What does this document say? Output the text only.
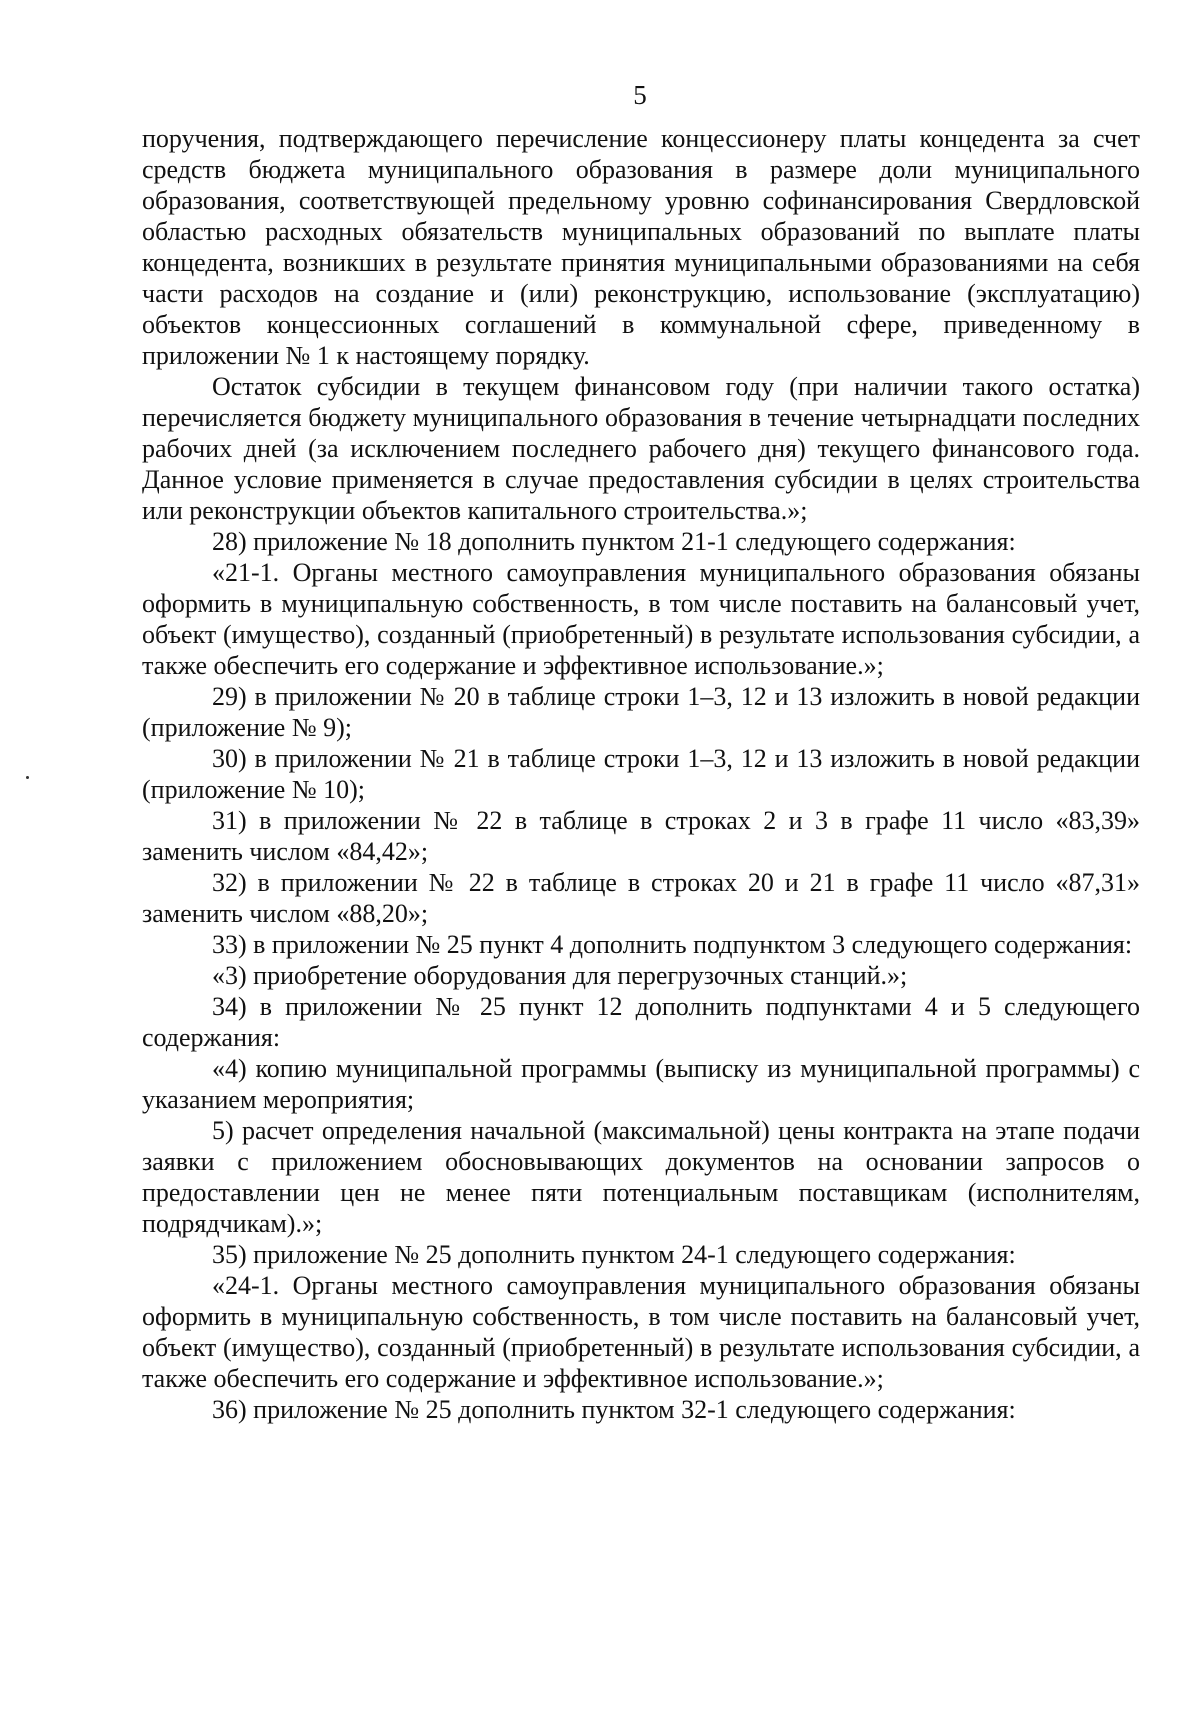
5

поручения, подтверждающего перечисление концессионеру платы концедента за счет средств бюджета муниципального образования в размере доли муниципального образования, соответствующей предельному уровню софинансирования Свердловской областью расходных обязательств муниципальных образований по выплате платы концедента, возникших в результате принятия муниципальными образованиями на себя части расходов на создание и (или) реконструкцию, использование (эксплуатацию) объектов концессионных соглашений в коммунальной сфере, приведенному в приложении № 1 к настоящему порядку.

Остаток субсидии в текущем финансовом году (при наличии такого остатка) перечисляется бюджету муниципального образования в течение четырнадцати последних рабочих дней (за исключением последнего рабочего дня) текущего финансового года. Данное условие применяется в случае предоставления субсидии в целях строительства или реконструкции объектов капитального строительства.»;

28) приложение № 18 дополнить пунктом 21-1 следующего содержания:

«21-1. Органы местного самоуправления муниципального образования обязаны оформить в муниципальную собственность, в том числе поставить на балансовый учет, объект (имущество), созданный (приобретенный) в результате использования субсидии, а также обеспечить его содержание и эффективное использование.»;

29) в приложении № 20 в таблице строки 1–3, 12 и 13 изложить в новой редакции (приложение № 9);

30) в приложении № 21 в таблице строки 1–3, 12 и 13 изложить в новой редакции (приложение № 10);

31) в приложении № 22 в таблице в строках 2 и 3 в графе 11 число «83,39» заменить числом «84,42»;

32) в приложении № 22 в таблице в строках 20 и 21 в графе 11 число «87,31» заменить числом «88,20»;

33) в приложении № 25 пункт 4 дополнить подпунктом 3 следующего содержания:

«3) приобретение оборудования для перегрузочных станций.»;

34) в приложении № 25 пункт 12 дополнить подпунктами 4 и 5 следующего содержания:

«4) копию муниципальной программы (выписку из муниципальной программы) с указанием мероприятия;

5) расчет определения начальной (максимальной) цены контракта на этапе подачи заявки с приложением обосновывающих документов на основании запросов о предоставлении цен не менее пяти потенциальным поставщикам (исполнителям, подрядчикам).»;

35) приложение № 25 дополнить пунктом 24-1 следующего содержания:

«24-1. Органы местного самоуправления муниципального образования обязаны оформить в муниципальную собственность, в том числе поставить на балансовый учет, объект (имущество), созданный (приобретенный) в результате использования субсидии, а также обеспечить его содержание и эффективное использование.»;

36) приложение № 25 дополнить пунктом 32-1 следующего содержания:
